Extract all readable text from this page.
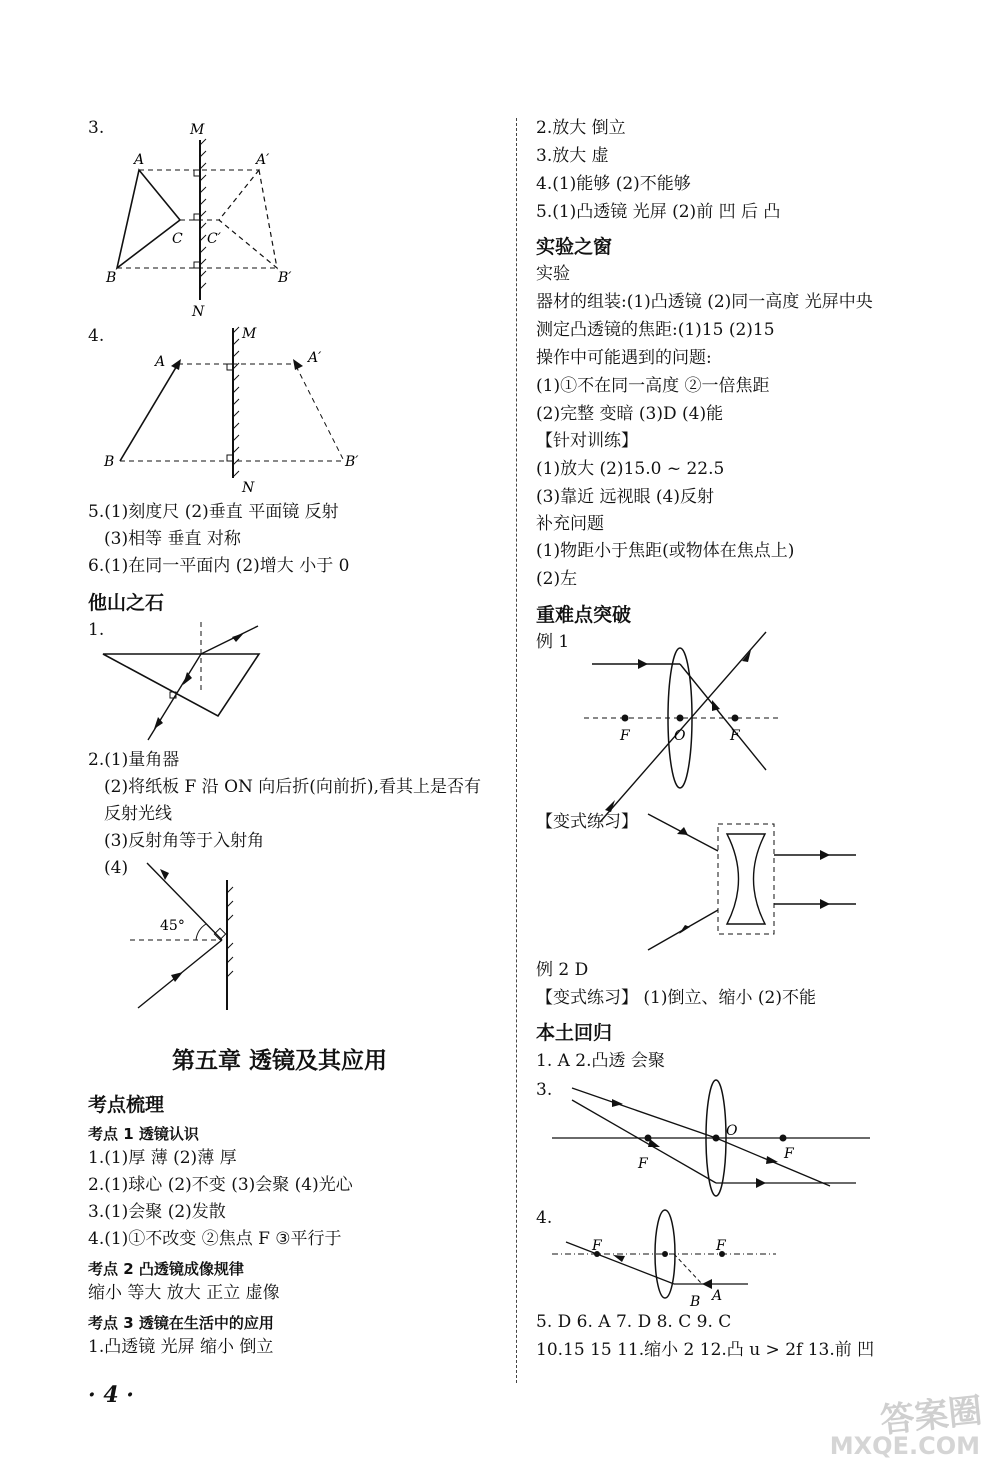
3.	M
N
A	A′
B	B′
C C′
M
N
A	A′
B	B′
4.
5.(1)刻度尺 (2)垂直 平面镜 反射
(3)相等 垂直 对称
6.(1)在同一平面内 (2)增大 小于 0
他山之石
1.
2.(1)量角器
(2)将纸板 F 沿 ON 向后折(向前折),看其上是否有
反射光线
(3)反射角等于入射角
(4)
45°
第五章 透镜及其应用
考点梳理
考点 1 透镜认识
1.(1)厚 薄 (2)薄 厚
2.(1)球心 (2)不变 (3)会聚 (4)光心
3.(1)会聚 (2)发散
4.(1)①不改变 ②焦点 F ③平行于
考点 2 凸透镜成像规律
缩小 等大 放大 正立 虚像
考点 3 透镜在生活中的应用
1.凸透镜 光屏 缩小 倒立
· 4 ·
2.放大 倒立
3.放大 虚
4.(1)能够 (2)不能够
5.(1)凸透镜 光屏 (2)前 凹 后 凸
实验之窗
实验
器材的组装:(1)凸透镜 (2)同一高度 光屏中央
测定凸透镜的焦距:(1)15 (2)15
操作中可能遇到的问题:
(1)①不在同一高度 ②一倍焦距
(2)完整 变暗 (3)D (4)能
【针对训练】
(1)放大 (2)15.0 ~ 22.5
(3)靠近 远视眼 (4)反射
补充问题
(1)物距小于焦距(或物体在焦点上)
(2)左
重难点突破
例 1
F	O	F
【变式练习】
例 2 D
【变式练习】 (1)倒立、缩小 (2)不能
本土回归
1. A 2.凸透 会聚
3.
O
F
F
4.
F	F
B A
5. D 6. A 7. D 8. C 9. C
10.15 15 11.缩小 2 12.凸 u > 2f 13.前 凹
答案圈
MXQE.COM
